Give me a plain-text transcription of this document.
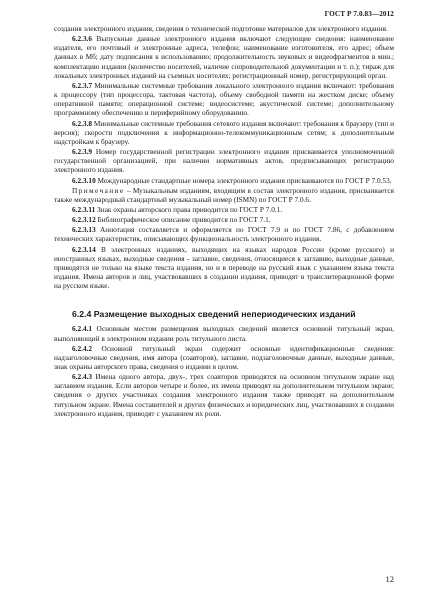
ГОСТ Р 7.0.83—2012

создания электронного издания, сведения о технической подготовке материалов для электронного издания.

6.2.3.6 Выпускные данные электронного издания включают следующие сведения: наименование издателя, его почтовый и электронные адреса, телефон; наименование изготовителя, его адрес; объем данных в Мб; дату подписания к использованию; продолжительность звуковых и видеофрагментов в мин.; комплектацию издания (количество носителей, наличие сопроводительной документации и т. п.); тираж для локальных электронных изданий на съемных носителях; регистрационный номер, регистрирующий орган.

6.2.3.7 Минимальные системные требования локального электронного издания включают: требования к процессору (тип процессора, тактовая частота), объему свободной памяти на жестком диске; объему оперативной памяти; операционной системе; видеосистеме; акустической системе; дополнительному программному обеспечению и периферийному оборудованию.

6.2.3.8 Минимальные системные требования сетевого издания включают: требования к браузеру (тип и версия); скорости подключения к информационно-телекоммуникационным сетям; к дополнительным надстройкам к браузеру.

6.2.3.9 Номер государственной регистрации электронного издания присваивается уполномоченной государственной организацией, при наличии нормативных актов, предписывающих регистрацию электронного издания.

6.2.3.10 Международные стандартные номера электронного издания присваиваются по ГОСТ Р 7.0.53.

Примечание – Музыкальным изданиям, входящим в состав электронного издания, присваивается также международный стандартный музыкальный номер (ISMN) по ГОСТ Р 7.0.6.

6.2.3.11 Знак охраны авторского права приводится по ГОСТ Р 7.0.1.

6.2.3.12 Библиографическое описание приводится по ГОСТ 7.1.

6.2.3.13 Аннотация составляется и оформляется по ГОСТ 7.9 и по ГОСТ 7.86, с добавлением технических характеристик, описывающих функциональность электронного издания.

6.2.3.14 В электронных изданиях, выходящих на языках народов России (кроме русского) и иностранных языках, выходные сведения - заглавие, сведения, относящиеся к заглавию, выходные данные, приводятся не только на языке текста издания, но и в переводе на русский язык с указанием языка текста издания. Имена авторов и лиц, участвовавших в создании издания, приводят в транслитерационной форме на русском языке.

6.2.4 Размещение выходных сведений непериодических изданий

6.2.4.1 Основным местом размещения выходных сведений является основной титульный экран, выполняющий в электронном издании роль титульного листа.

6.2.4.2 Основной титульный экран содержит основные идентификационные сведения: надзаголовочные сведения, имя автора (соавторов), заглавие, подзаголовочные данные, выходные данные, знак охраны авторского права, сведения о издании в целом.

6.2.4.3 Имена одного автора, двух-, трех соавторов приводятся на основном титульном экране над заглавием издания. Если авторов четыре и более, их имена приводят на дополнительном титульном экране; сведения о других участниках создания электронного издания также приводят на дополнительном титульном экране. Имена составителей и других физических и юридических лиц, участвовавших в создании электронного издания, приводят с указанием их роли.

12
